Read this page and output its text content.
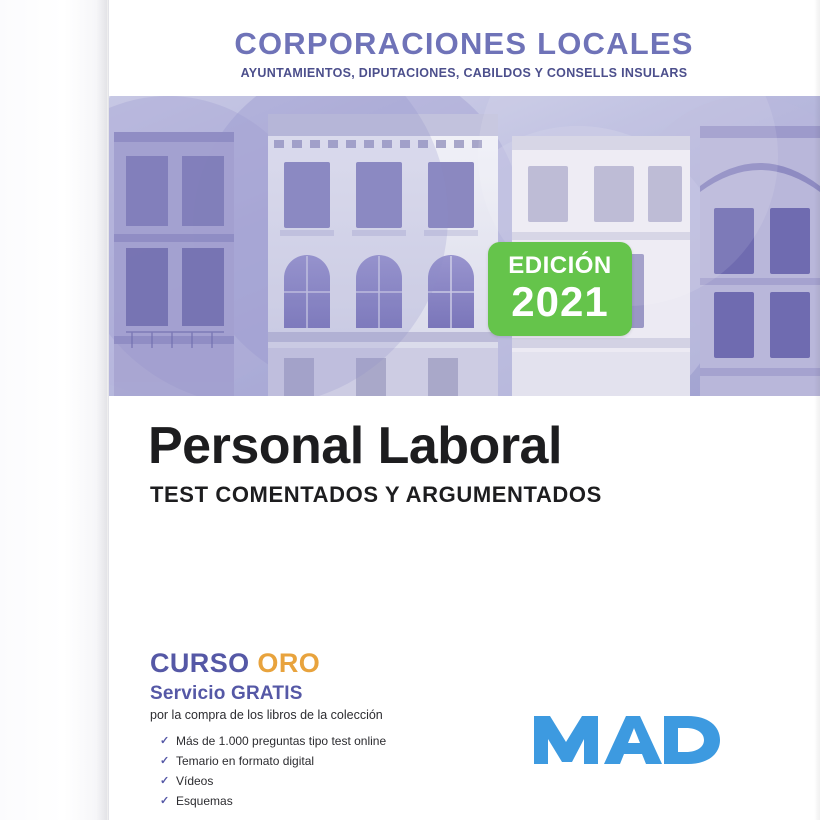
EDICIÓN
2021
CORPORACIONES LOCALES
AYUNTAMIENTOS, DIPUTACIONES, CABILDOS Y CONSELLS INSULARS
Personal Laboral
TEST COMENTADOS Y ARGUMENTADOS
CURSO ORO
Servicio GRATIS
por la compra de los libros de la colección
✓ Más de 1.000 preguntas tipo test online
✓ Temario en formato digital
✓ Vídeos
✓ Esquemas
